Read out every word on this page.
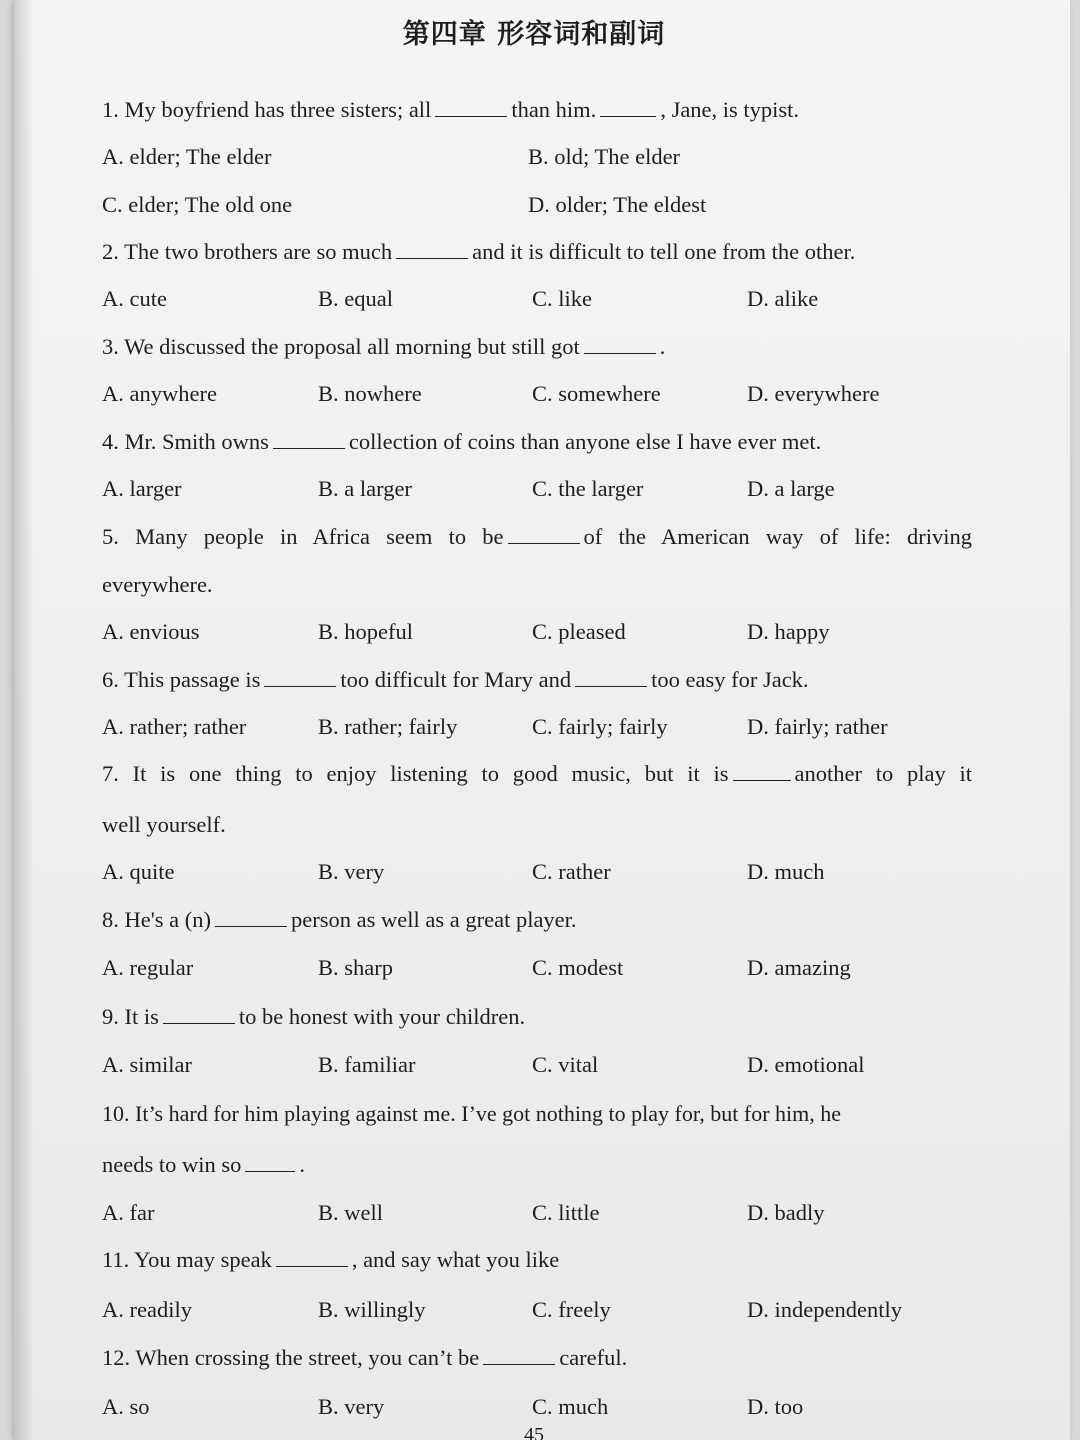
第四章 形容词和副词
1. My boyfriend has three sisters; all	than him.	, Jane, is typist.
A. elder; The elder	B. old; The elder
C. elder; The old one	D. older; The eldest
2. The two brothers are so much	and it is difficult to tell one from the other.
A. cute	B. equal	C. like	D. alike
3. We discussed the proposal all morning but still got	.
A. anywhere	B. nowhere	C. somewhere	D. everywhere
4. Mr. Smith owns	collection of coins than anyone else I have ever met.
A. larger	B. a larger	C. the larger	D. a large
5. Many people in Africa seem to be	of the American way of life: driving
everywhere.
A. envious	B. hopeful	C. pleased	D. happy
6. This passage is	too difficult for Mary and	too easy for Jack.
A. rather; rather	B. rather; fairly	C. fairly; fairly	D. fairly; rather
7. It is one thing to enjoy listening to good music, but it is	another to play it
well yourself.
A. quite	B. very	C. rather	D. much
8. He's a (n)	person as well as a great player.
A. regular	B. sharp	C. modest	D. amazing
9. It is	to be honest with your children.
A. similar	B. familiar	C. vital	D. emotional
10. It’s hard for him playing against me. I’ve got nothing to play for, but for him, he
needs to win so	.
A. far	B. well	C. little	D. badly
11. You may speak	, and say what you like
A. readily	B. willingly	C. freely	D. independently
12. When crossing the street, you can’t be	careful.
A. so	B. very	C. much	D. too
45
